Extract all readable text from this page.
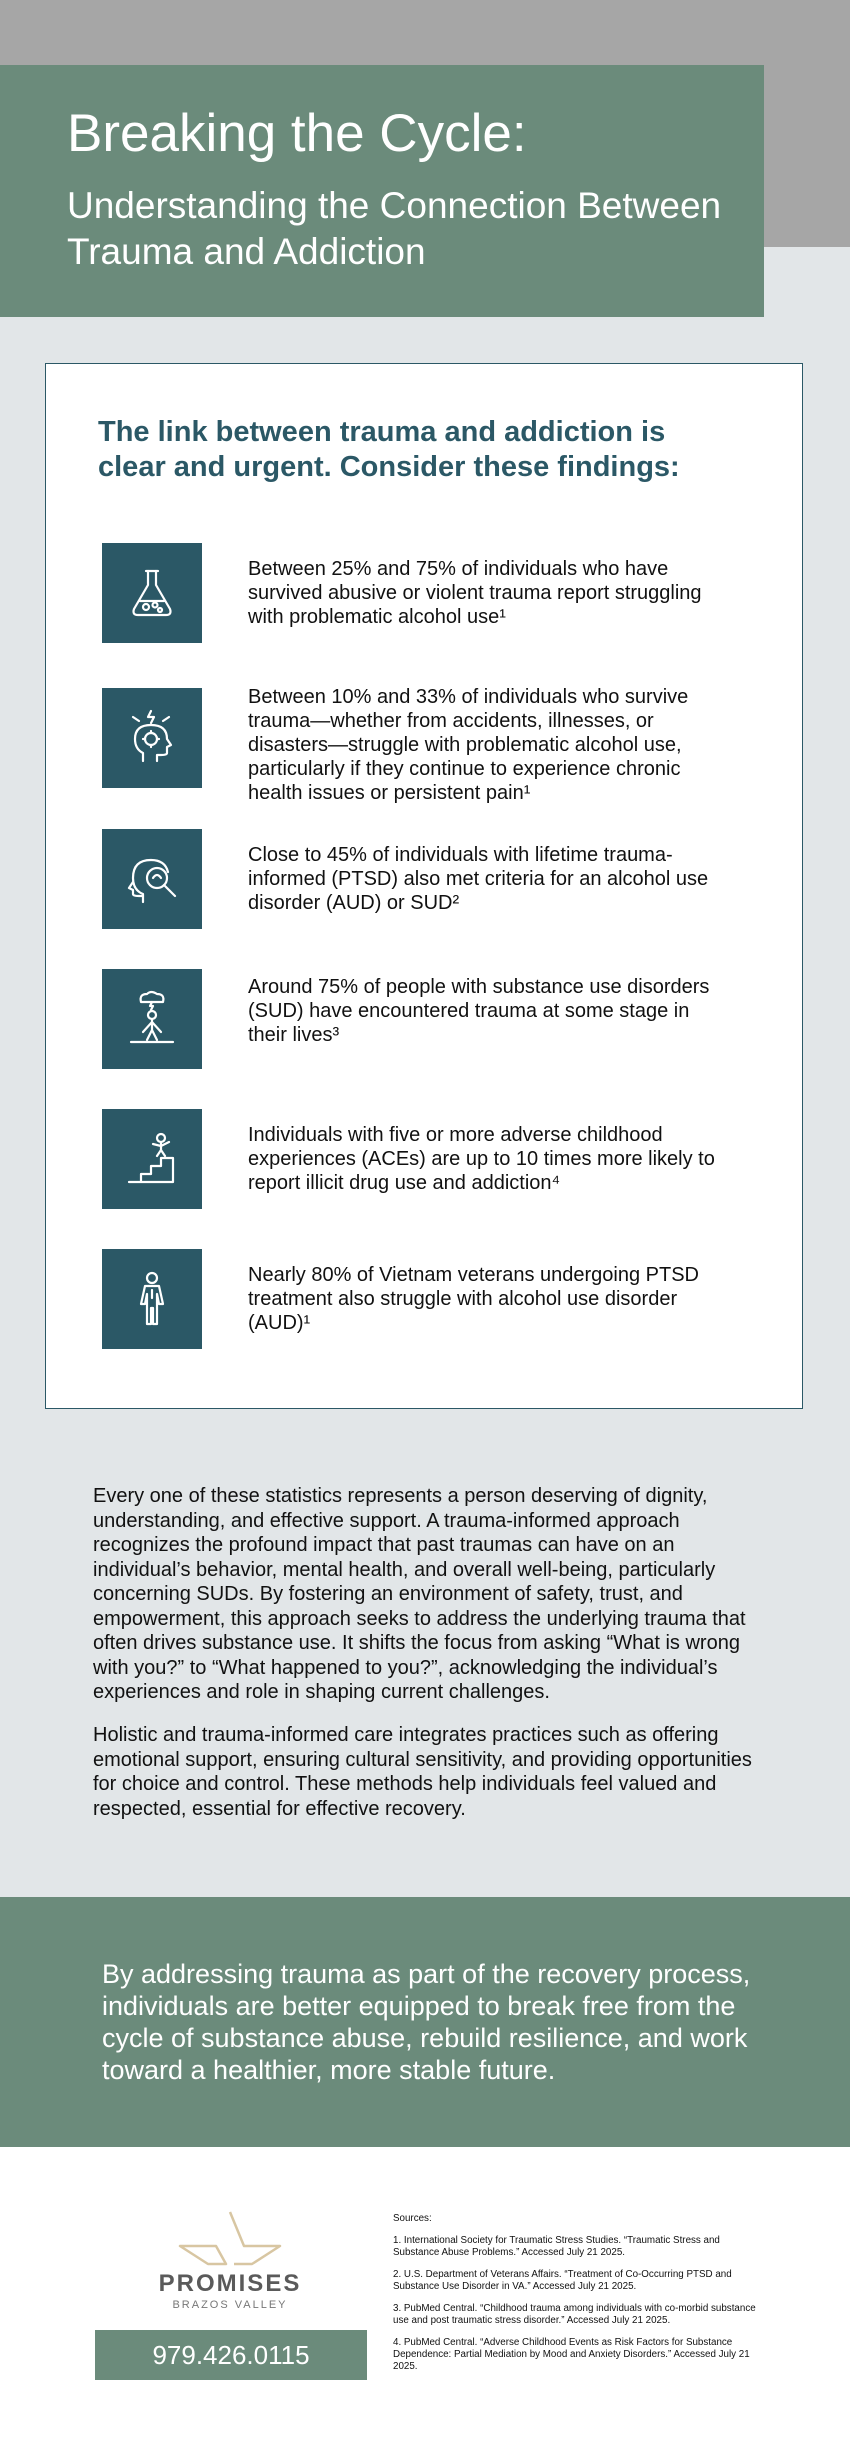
Breaking the Cycle:
Understanding the Connection Between Trauma and Addiction
The link between trauma and addiction is clear and urgent. Consider these findings:
Between 25% and 75% of individuals who have survived abusive or violent trauma report struggling with problematic alcohol use¹
Between 10% and 33% of individuals who survive trauma—whether from accidents, illnesses, or disasters—struggle with problematic alcohol use, particularly if they continue to experience chronic health issues or persistent pain¹
Close to 45% of individuals with lifetime trauma-informed (PTSD) also met criteria for an alcohol use disorder (AUD) or SUD²
Around 75% of people with substance use disorders (SUD) have encountered trauma at some stage in their lives³
Individuals with five or more adverse childhood experiences (ACEs) are up to 10 times more likely to report illicit drug use and addiction⁴
Nearly 80% of Vietnam veterans undergoing PTSD treatment also struggle with alcohol use disorder (AUD)¹
Every one of these statistics represents a person deserving of dignity, understanding, and effective support. A trauma-informed approach recognizes the profound impact that past traumas can have on an individual’s behavior, mental health, and overall well-being, particularly concerning SUDs. By fostering an environment of safety, trust, and empowerment, this approach seeks to address the underlying trauma that often drives substance use. It shifts the focus from asking “What is wrong with you?” to “What happened to you?”, acknowledging the individual’s experiences and role in shaping current challenges.
Holistic and trauma-informed care integrates practices such as offering emotional support, ensuring cultural sensitivity, and providing opportunities for choice and control. These methods help individuals feel valued and respected, essential for effective recovery.
By addressing trauma as part of the recovery process, individuals are better equipped to break free from the cycle of substance abuse, rebuild resilience, and work toward a healthier, more stable future.
PROMISES
BRAZOS VALLEY
979.426.0115

Sources:

1. International Society for Traumatic Stress Studies. “Traumatic Stress and Substance Abuse Problems.” Accessed July 21 2025.

2. U.S. Department of Veterans Affairs. “Treatment of Co-Occurring PTSD and Substance Use Disorder in VA.” Accessed July 21 2025.

3. PubMed Central. “Childhood trauma among individuals with co-morbid substance use and post traumatic stress disorder.” Accessed July 21 2025.

4. PubMed Central. “Adverse Childhood Events as Risk Factors for Substance Dependence: Partial Mediation by Mood and Anxiety Disorders.” Accessed July 21 2025.
